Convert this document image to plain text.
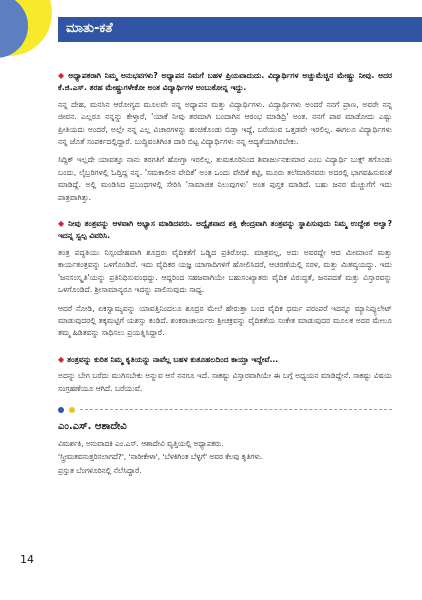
ಮಾತು-ಕತೆ

◆ ಅಧ್ಯಾಪಕರಾಗಿ ನಿಮ್ಮ ಅನುಭವಗಳು? ಅಧ್ಯಾಪನ ನಿಮಗೆ ಬಹಳ ಪ್ರಿಯವಾದುದು. ವಿದ್ಯಾರ್ಥಿಗಳ ಅಚ್ಚುಮೆಚ್ಚಿನ ಮೇಷ್ಟ್ರು ನೀವು. ಅದರ ಕೆ.ಜಿ.ಎಸ್. ತರಹ ಮೇಷ್ಟ್ರುಗಳೇಕೋ ಅಂತ ವಿದ್ಯಾರ್ಥಿಗಳ ಅಂಬುಕೋನ್ನ ಇದ್ದು.

ನನ್ನ ದೇಹ, ಮನಸಿನ ಆರೋಗ್ಯದ ಮೂಲವೇ ನನ್ನ ಅಧ್ಯಾಪನ ಮತ್ತು ವಿದ್ಯಾರ್ಥಿಗಳು. ವಿದ್ಯಾರ್ಥಿಗಳು ಅಂದರೆ ನನಗೆ ಪ್ರಾಣ, ಅವರೇ ನನ್ನ ಜೀವನ. ಎಲ್ಲರೂ ನನ್ನನ್ನು ಕೇಳ್ತಾರೆ, 'ಯಾಕೆ ನೀವು ತರಮಾಗಿ ಬಂದಾಗಿನ ಆರಂಭ ಮಾಡಿದ್ರಿ' ಅಂತ. ನನಗೆ ಪಾಠ ಮಾಡೋದು ಎಷ್ಟು ಪ್ರೀತಿಯದು ಅಂದರೆ, ಅಲ್ಲೇ ನನ್ನ ಎಲ್ಲ ವಿಚಾರಗಳನ್ನು ಹಂಚಿಕೊಂಡು ಬಿಡ್ತಾ ಇದ್ದೆ, ಬರೆಯುವ ಒತ್ತಡವೇ ಇರಲಿಲ್ಲ. ಈಗಲೂ ವಿದ್ಯಾರ್ಥಿಗಳು ನನ್ನ ಜೊತೆ ಸಂಪರ್ಕದಲ್ಲಿದ್ದಾರೆ. ಬುದ್ಧಿವಂತಿಗಿಂತ ದಾರಿ ಬಿಟ್ಟ ವಿದ್ಯಾರ್ಥಿಗಳು ನನ್ನ ಆದ್ಯತೆಯಾಗಿರಬೇಕು.

ಸಿದ್ದಿಕ್ ಇಲ್ಲದೇ ಯಾವತ್ತೂ ನಾನು ತರಗತಿಗೆ ಹೋಗ್ತಾ ಇರಲಿಲ್ಲ. ತುಮಕೂರಿನಿಂದ ಶಿವಾರ್ಜುನಕುಮಾರ ಎಂಬ ವಿದ್ಯಾರ್ಥಿ ಬುಕ್ಸ್ ತಗೊಂಡು ಬಂದು, ಲೈಬ್ರರಿಗಳಲ್ಲಿ ಓದ್ತಿದ್ದ ನನ್ನ. 'ಸಮಕಾಲೀನ ವೇದಿಕೆ' ಅಂತ ಒಂದು ವೇದಿಕೆ ಕಟ್ಟಿ, ಮೂರು ತಲೆಮಾರಿನವರು ಅದರಲ್ಲಿ ಭಾಗವಹಿಸುವಂತೆ ಮಾಡಿದ್ದೆ. ಅಲ್ಲಿ ಮಂಡಿಸಿದ ಪ್ರಬಂಧಗಳಲ್ಲಿ ಸೇರಿಸಿ 'ಸಾಮಾಜಿಕ ನಿಲುವುಗಳು' ಅಂತ ಪುಸ್ತಕ ಮಾಡಿದೆ. ಬಹು ಜನರ ಮೆಚ್ಚುಗೆಗೆ ಇದು ಪಾತ್ರವಾಗಿತ್ತು.

◆ ನೀವು ತಂತ್ರವನ್ನು ಆಳವಾಗಿ ಅಭ್ಯಾಸ ಮಾಡಿದವರು. ಅದ್ವೈತವಾದ ಶಕ್ತಿ ಕೇಂದ್ರವಾಗಿ ತಂತ್ರವನ್ನು ಸ್ಥಾಪಿಸುವುದು ನಿಮ್ಮ ಉದ್ದೇಶ ಅಲ್ವಾ? ಇದನ್ನ ಸ್ವಲ್ಪ ವಿವರಿಸಿ.

ತಂತ್ರ ಪದ್ಧತಿಯು ನಿಸ್ಸಂದೇಹವಾಗಿ ಶೂದ್ರರು ವೈದಿಕತೆಗೆ ಒಡ್ಡಿದ ಪ್ರತಿರೋಧ. ಮಾತ್ರವಲ್ಲ, ಅದು ಅವರದ್ದೇ ಆದ ಮೀಮಾಂಸೆ ಮತ್ತು ಕಾರ್ಯತಂತ್ರವನ್ನು ಒಳಗೊಂಡಿದೆ. ಇದು ವೈದಿಕರ ಯಜ್ಞ ಯಾಗಾದಿಗಳಿಗೆ ಹೋಲಿಸಿದರೆ, ಆಚರಣೆಯಲ್ಲಿ ಸರಳ, ಮತ್ತು ಮಿತವ್ಯಯದ್ದು. ಇದು 'ಜನಸಂಸ್ಕೃತಿ'ಯನ್ನು ಪ್ರತಿನಿಧಿಸುವಂಥದ್ದು. ಆದ್ದರಿಂದ ಸಹಜವಾಗಿಯೇ ಬಹುಸಂಖ್ಯಾತರು ವೈದಿಕ ವಿರುದ್ಧತೆ, ಜನಪದತೆ ಮತ್ತು ವಿಸ್ತಾರವನ್ನು ಒಳಗೊಂಡಿದೆ. ಶ್ರೀಸಾಮಾನ್ಯರೂ ಇದನ್ನು ಪಾಲಿಸುವುದು ಸಾಧ್ಯ.

ಆದರೆ ನೋಡಿ, ಏಕಸ್ವಾಮ್ಯವನ್ನು ಯಾವತ್ತಿನಿಂದಲೂ ಶೂದ್ರರ ಮೇಲೆ ಹೇರುತ್ತಾ ಬಂದ ವೈದಿಕ ಧರ್ಮ ಪರಂಪರೆ ಇದನ್ನೂ ಮ್ಯಾನಿಪ್ಯುಲೇಟ್ ಮಾಡುವುದರಲ್ಲಿ ತಕ್ಕಮಟ್ಟಿಗೆ ಯಶಸ್ಸು ಕಂಡಿದೆ. ಶಂಕರಾಚಾರ್ಯರು ಶ್ರೀಚಕ್ರವನ್ನು ವೈದಿಕತೆಯ ಸಂಕೇತ ಮಾಡುವುದರ ಮೂಲಕ ಅದರ ಮೇಲೂ ತಮ್ಮ ಹಿಡಿತವನ್ನು ಸಾಧಿಸಲು ಪ್ರಯತ್ನಿಸಿದ್ದಾರೆ.

◆ ತಂತ್ರವನ್ನು ಕುರಿತ ನಿಮ್ಮ ಕೃತಿಯನ್ನು ನಾವೆಲ್ಲ ಬಹಳ ಕುತೂಹಲದಿಂದ ಕಾಯ್ತಾ ಇದ್ದೇವೆ...

ಅದನ್ನು ಬೇಗ ಬರೆದು ಮುಗಿಸಬೇಕು ಅನ್ನುವ ಆಸೆ ನನಗೂ ಇದೆ. ಸಾಕಷ್ಟು ವಿಸ್ತಾರವಾಗಿಯೇ ಈ ಬಗ್ಗೆ ಅಧ್ಯಯನ ಮಾಡಿದ್ದೇನೆ. ಸಾಕಷ್ಟು ವಿಷಯ ಸಂಗ್ರಹಣೆಯೂ ಆಗಿದೆ. ಬರೆಯುವೆ.

ಎಂ.ಎಸ್. ಆಶಾದೇವಿ

ವಿಮರ್ಶಕಿ, ಅನುವಾದಕಿ ಎಂ.ಎಸ್. ಆಶಾದೇವಿ ವೃತ್ತಿಯಲ್ಲಿ ಅಧ್ಯಾಪಕರು.

'ಸ್ತ್ರೀಮತವನುತ್ತರಿಸಲಾಗದೆ?', 'ನಾರೀಕೇಳಾ', 'ಬೆಳಕಿಗಿಂತ ಬೆಳ್ಳಗೆ' ಅವರ ಕೆಲವು ಕೃತಿಗಳು.

ಪ್ರಸ್ತುತ ಬೆಂಗಳೂರಿನಲ್ಲಿ ನೆಲೆಸಿದ್ದಾರೆ.

14
